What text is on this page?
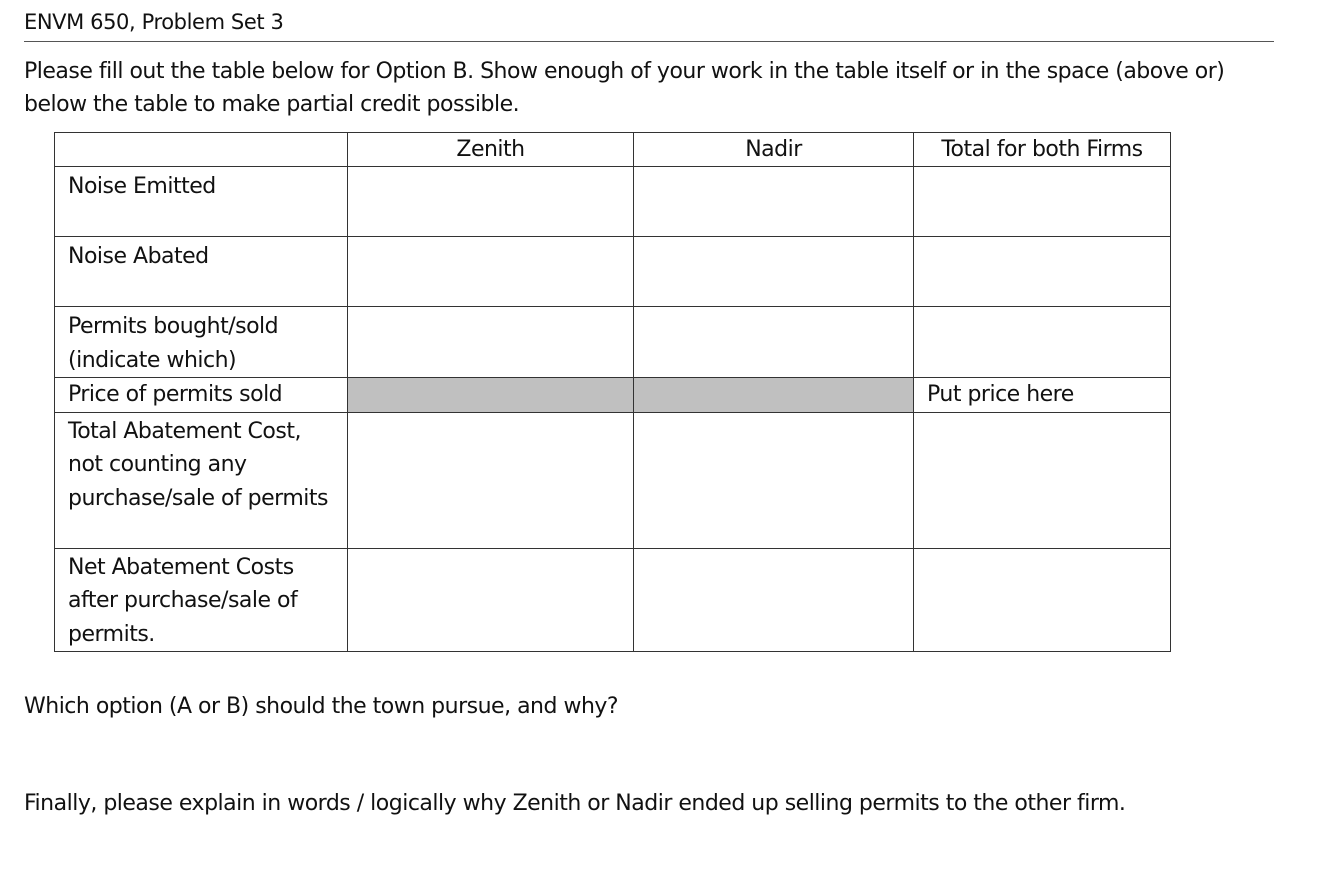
ENVM 650, Problem Set 3
Please fill out the table below for Option B. Show enough of your work in the table itself or in the space (above or) below the table to make partial credit possible.
	Zenith	Nadir	Total for both Firms
Noise Emitted			
Noise Abated			
Permits bought/sold (indicate which)			
Price of permits sold			Put price here
Total Abatement Cost, not counting any purchase/sale of permits			
Net Abatement Costs after purchase/sale of permits.			
Which option (A or B) should the town pursue, and why?
Finally, please explain in words / logically why Zenith or Nadir ended up selling permits to the other firm.
